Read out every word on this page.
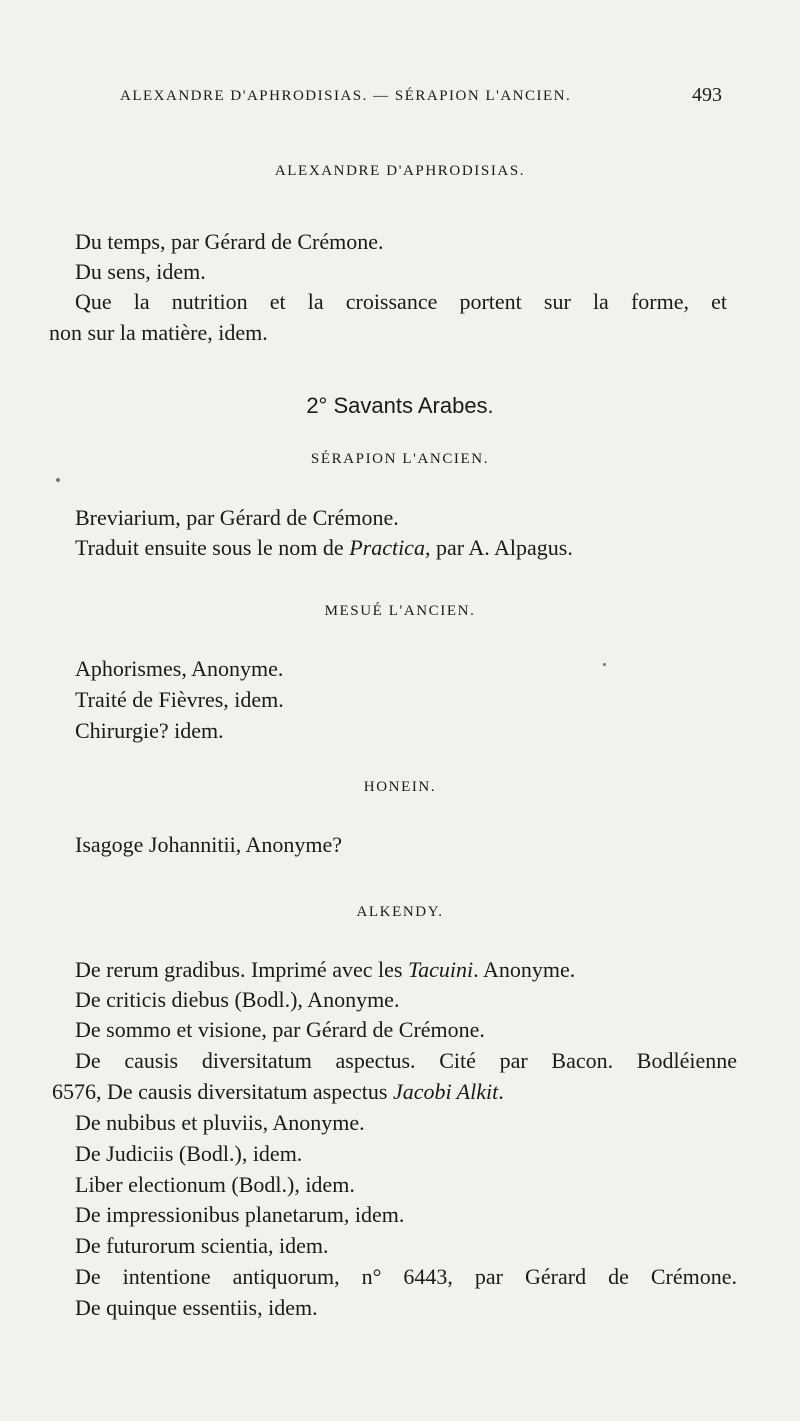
ALEXANDRE D'APHRODISIAS. — SÉRAPION L'ANCIEN.	493
ALEXANDRE D'APHRODISIAS.
Du temps, par Gérard de Crémone.
Du sens, idem.
Que la nutrition et la croissance portent sur la forme, et
non sur la matière, idem.
2° Savants Arabes.
SÉRAPION L'ANCIEN.
Breviarium, par Gérard de Crémone.
Traduit ensuite sous le nom de Practica, par A. Alpagus.
MESUÉ L'ANCIEN.
Aphorismes, Anonyme.
Traité de Fièvres, idem.
Chirurgie? idem.
HONEIN.
Isagoge Johannitii, Anonyme?
ALKENDY.
De rerum gradibus. Imprimé avec les Tacuini. Anonyme.
De criticis diebus (Bodl.), Anonyme.
De sommo et visione, par Gérard de Crémone.
De causis diversitatum aspectus. Cité par Bacon. Bodléienne
6576, De causis diversitatum aspectus Jacobi Alkit.
De nubibus et pluviis, Anonyme.
De Judiciis (Bodl.), idem.
Liber electionum (Bodl.), idem.
De impressionibus planetarum, idem.
De futurorum scientia, idem.
De intentione antiquorum, n° 6443, par Gérard de Crémone.
De quinque essentiis, idem.
